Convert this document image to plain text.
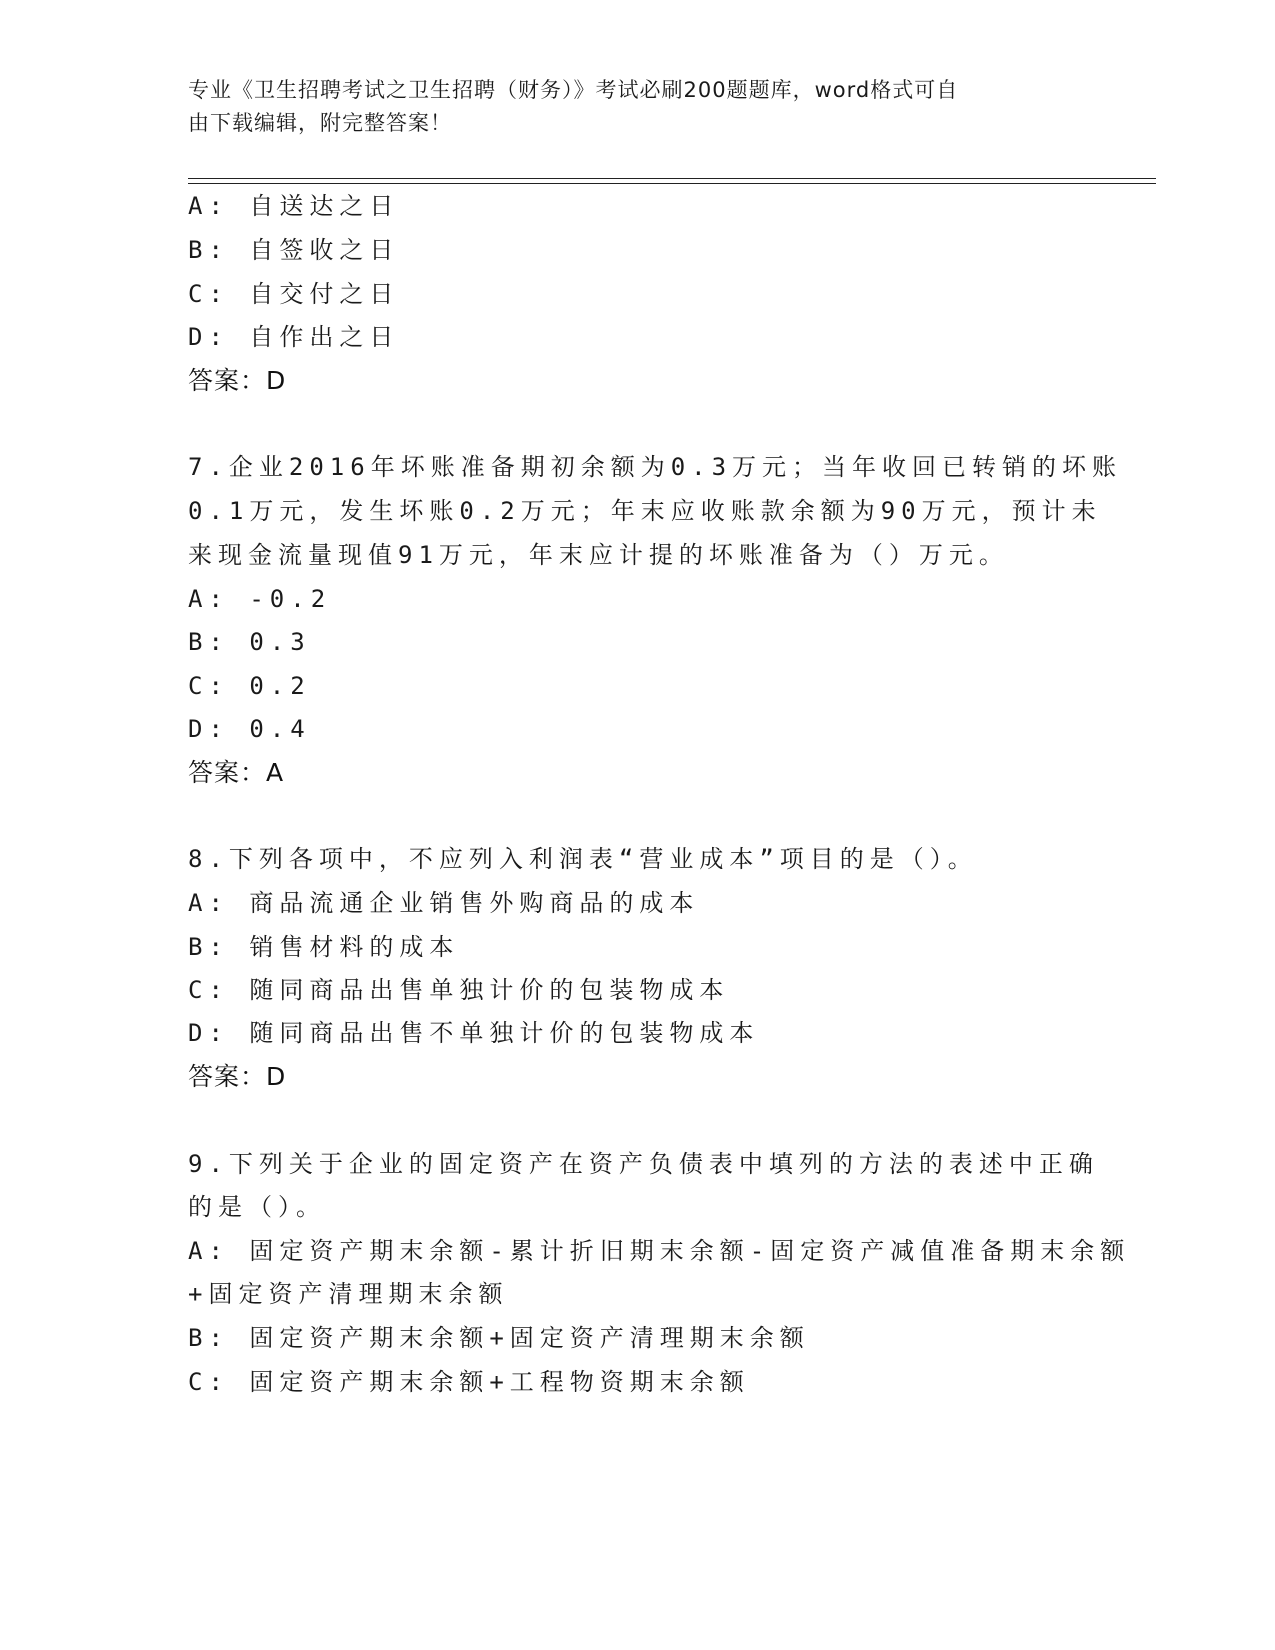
专业《卫生招聘考试之卫生招聘（财务）》考试必刷200题题库，word格式可自
由下载编辑，附完整答案！
A: 自送达之日
B: 自签收之日
C: 自交付之日
D: 自作出之日
答案：D
7.企业2016年坏账准备期初余额为0.3万元；当年收回已转销的坏账
0.1万元，发生坏账0.2万元；年末应收账款余额为90万元，预计未
来现金流量现值91万元，年末应计提的坏账准备为（）万元。
A: -0.2
B: 0.3
C: 0.2
D: 0.4
答案：A
8.下列各项中，不应列入利润表“营业成本”项目的是（）。
A: 商品流通企业销售外购商品的成本
B: 销售材料的成本
C: 随同商品出售单独计价的包装物成本
D: 随同商品出售不单独计价的包装物成本
答案：D
9.下列关于企业的固定资产在资产负债表中填列的方法的表述中正确
的是（）。
A: 固定资产期末余额-累计折旧期末余额-固定资产减值准备期末余额
+固定资产清理期末余额
B: 固定资产期末余额+固定资产清理期末余额
C: 固定资产期末余额+工程物资期末余额
